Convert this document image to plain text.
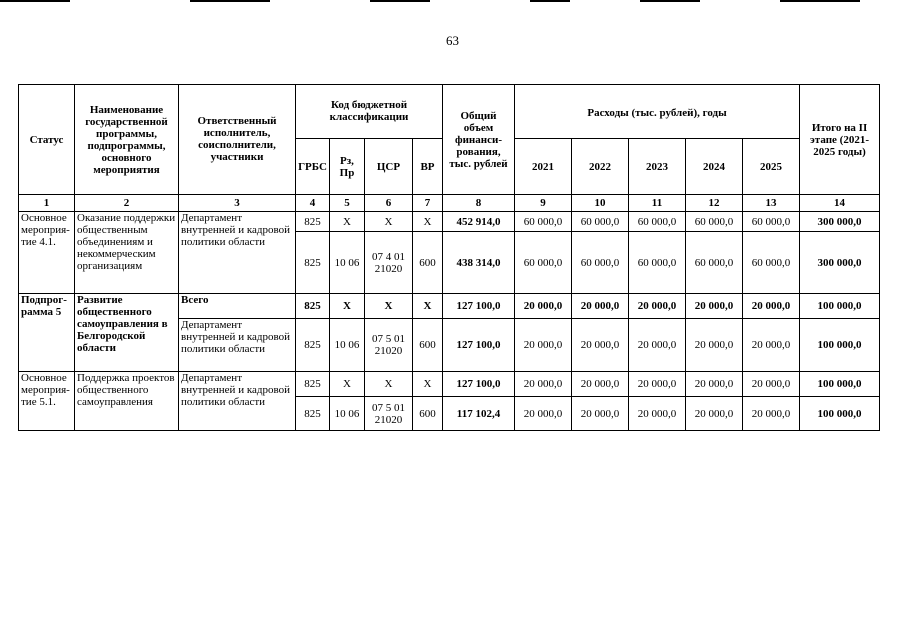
63
Статус	Наименование государственной программы, подпрограммы, основного мероприятия	Ответственный исполнитель, соисполнители, участники	Код бюджетной классификации				Общий объем финанси-рования, тыс. рублей	Расходы (тыс. рублей), годы					Итого на II этапе (2021-2025 годы)
			ГРБС	Рз, Пр	ЦСР	ВР		2021	2022	2023	2024	2025	
1	2	3	4	5	6	7	8	9	10	11	12	13	14
Основное мероприя-тие 4.1.	Оказание поддержки общественным объединениям и некоммерческим организациям	Департамент внутренней и кадровой политики области	825	Х	Х	Х	452 914,0	60 000,0	60 000,0	60 000,0	60 000,0	60 000,0	300 000,0
			825	10 06	07 4 01 21020	600	438 314,0	60 000,0	60 000,0	60 000,0	60 000,0	60 000,0	300 000,0
Подпрог-рамма 5	Развитие общественного самоуправления в Белгородской области	Всего	825	Х	Х	Х	127 100,0	20 000,0	20 000,0	20 000,0	20 000,0	20 000,0	100 000,0
		Департамент внутренней и кадровой политики области	825	10 06	07 5 01 21020	600	127 100,0	20 000,0	20 000,0	20 000,0	20 000,0	20 000,0	100 000,0
Основное мероприя-тие 5.1.	Поддержка проектов общественного самоуправления	Департамент внутренней и кадровой политики области	825	Х	Х	Х	127 100,0	20 000,0	20 000,0	20 000,0	20 000,0	20 000,0	100 000,0
			825	10 06	07 5 01 21020	600	117 102,4	20 000,0	20 000,0	20 000,0	20 000,0	20 000,0	100 000,0
